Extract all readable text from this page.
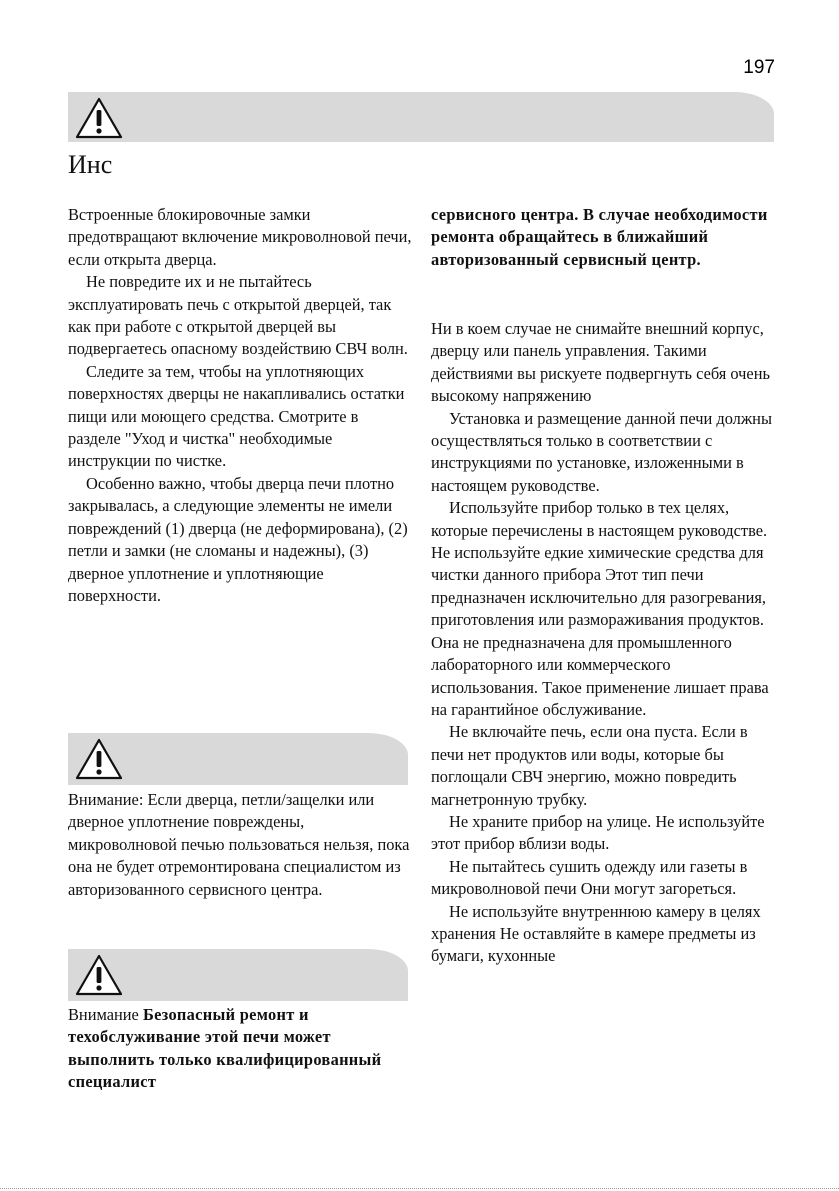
197
Инс

Встроенные блокировочные замки предотвращают включение микроволновой печи, если открыта дверца.

Не повредите их и не пытайтесь эксплуатировать печь с открытой дверцей, так как при работе с открытой дверцей вы подвергаетесь опасному воздействию СВЧ волн.

Следите за тем, чтобы на уплотняющих поверхностях дверцы не накапливались остатки пищи или моющего средства. Смотрите в разделе "Уход и чистка" необходимые инструкции по чистке.

Особенно важно, чтобы дверца печи плотно закрывалась, а следующие элементы не имели повреждений (1) дверца (не деформирована), (2) петли и замки (не сломаны и надежны), (3) дверное уплотнение и уплотняющие поверхности.

Внимание: Если дверца, петли/защелки или дверное уплотнение повреждены, микроволновой печью пользоваться нельзя, пока она не будет отремонтирована специалистом из авторизованного сервисного центра.

Внимание Безопасный ремонт и техобслуживание этой печи может выполнить только квалифицированный специалист

сервисного центра. В случае необходимости ремонта обращайтесь в ближайший авторизованный сервисный центр.

Ни в коем случае не снимайте внешний корпус, дверцу или панель управления. Такими действиями вы рискуете подвергнуть себя очень высокому напряжению

Установка и размещение данной печи должны осуществляться только в соответствии с инструкциями по установке, изложенными в настоящем руководстве.

Используйте прибор только в тех целях, которые перечислены в настоящем руководстве. Не используйте едкие химические средства для чистки данного прибора Этот тип печи предназначен исключительно для разогревания, приготовления или размораживания продуктов. Она не предназначена для промышленного лабораторного или коммерческого использования. Такое применение лишает права на гарантийное обслуживание.

Не включайте печь, если она пуста. Если в печи нет продуктов или воды, которые бы поглощали СВЧ энергию, можно повредить магнетронную трубку.

Не храните прибор на улице. Не используйте этот прибор вблизи воды.

Не пытайтесь сушить одежду или газеты в микроволновой печи Они могут загореться.

Не используйте внутреннюю камеру в целях хранения Не оставляйте в камере предметы из бумаги, кухонные
